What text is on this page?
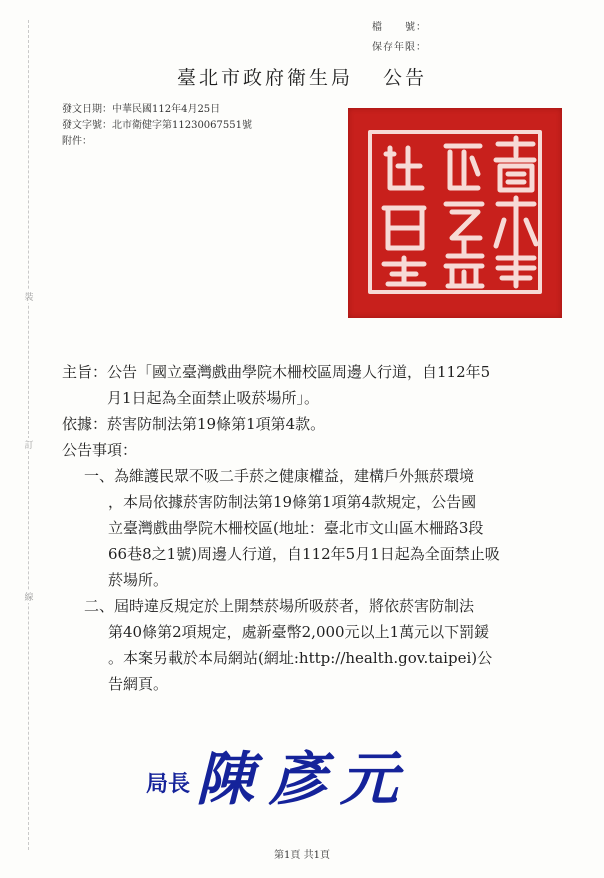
裝
訂
線
檔　　號：
保存年限：
臺北市政府衛生局 公告
發文日期：中華民國112年4月25日
發文字號：北市衛健字第11230067551號
附件：
主旨：公告「國立臺灣戲曲學院木柵校區周邊人行道，自112年5
　　　月1日起為全面禁止吸菸場所」。
依據：菸害防制法第19條第1項第4款。
公告事項：
一、為維護民眾不吸二手菸之健康權益，建構戶外無菸環境
，本局依據菸害防制法第19條第1項第4款規定，公告國
立臺灣戲曲學院木柵校區(地址：臺北市文山區木柵路3段
66巷8之1號)周邊人行道，自112年5月1日起為全面禁止吸
菸場所。
二、屆時違反規定於上開禁菸場所吸菸者，將依菸害防制法
第40條第2項規定，處新臺幣2,000元以上1萬元以下罰鍰
。本案另載於本局網站(網址:http://health.gov.taipei)公
告網頁。
局長 陳彥元
第1頁 共1頁
